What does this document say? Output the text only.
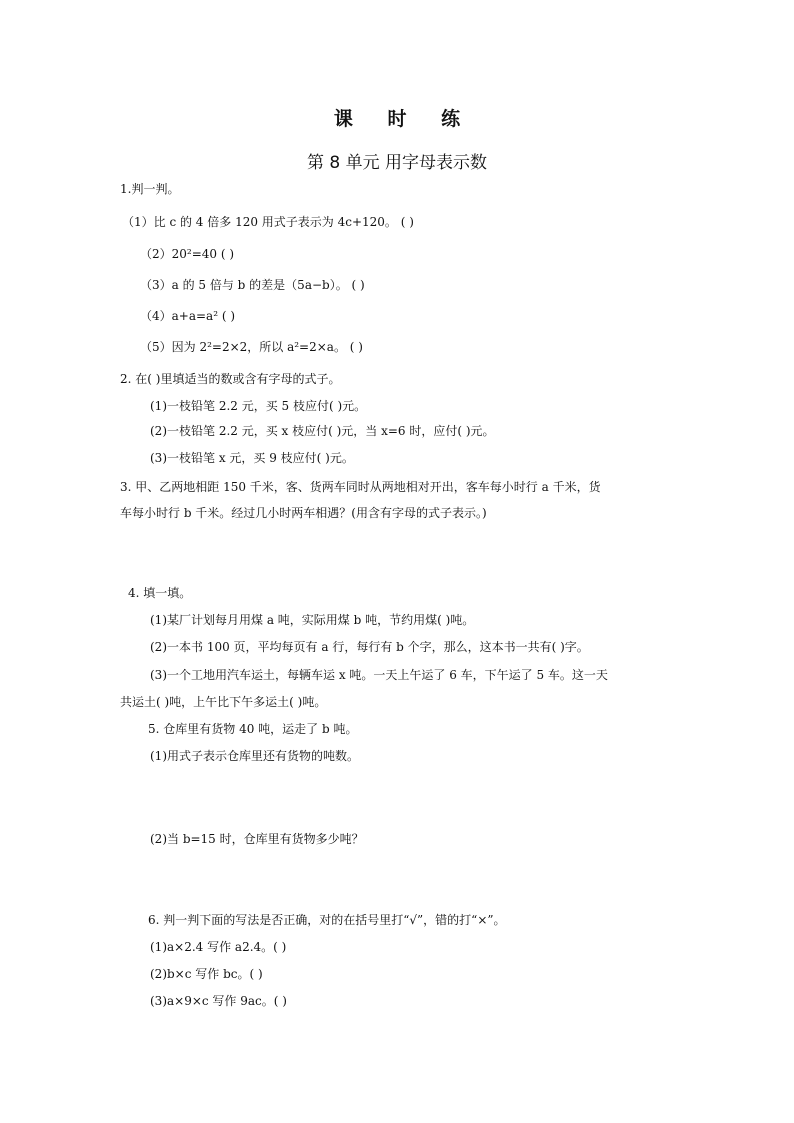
课 时 练
第 8 单元 用字母表示数
1.判一判。
（1）比 c 的 4 倍多 120 用式子表示为 4c+120。 ( )
（2）20²=40 ( )
（3）a 的 5 倍与 b 的差是（5a−b）。 ( )
（4）a+a=a² ( )
（5）因为 2²=2×2，所以 a²=2×a。 ( )
2. 在( )里填适当的数或含有字母的式子。
(1)一枝铅笔 2.2 元，买 5 枝应付( )元。
(2)一枝铅笔 2.2 元，买 x 枝应付( )元，当 x=6 时，应付( )元。
(3)一枝铅笔 x 元，买 9 枝应付( )元。
3. 甲、乙两地相距 150 千米，客、货两车同时从两地相对开出，客车每小时行 a 千米，货
车每小时行 b 千米。经过几小时两车相遇？(用含有字母的式子表示。)
4. 填一填。
(1)某厂计划每月用煤 a 吨，实际用煤 b 吨，节约用煤( )吨。
(2)一本书 100 页，平均每页有 a 行，每行有 b 个字，那么，这本书一共有( )字。
(3)一个工地用汽车运土，每辆车运 x 吨。一天上午运了 6 车，下午运了 5 车。这一天
共运土( )吨，上午比下午多运土( )吨。
5. 仓库里有货物 40 吨，运走了 b 吨。
(1)用式子表示仓库里还有货物的吨数。
(2)当 b=15 时，仓库里有货物多少吨？
6. 判一判下面的写法是否正确，对的在括号里打“√”，错的打“×”。
(1)a×2.4 写作 a2.4。( )
(2)b×c 写作 bc。( )
(3)a×9×c 写作 9ac。( )
